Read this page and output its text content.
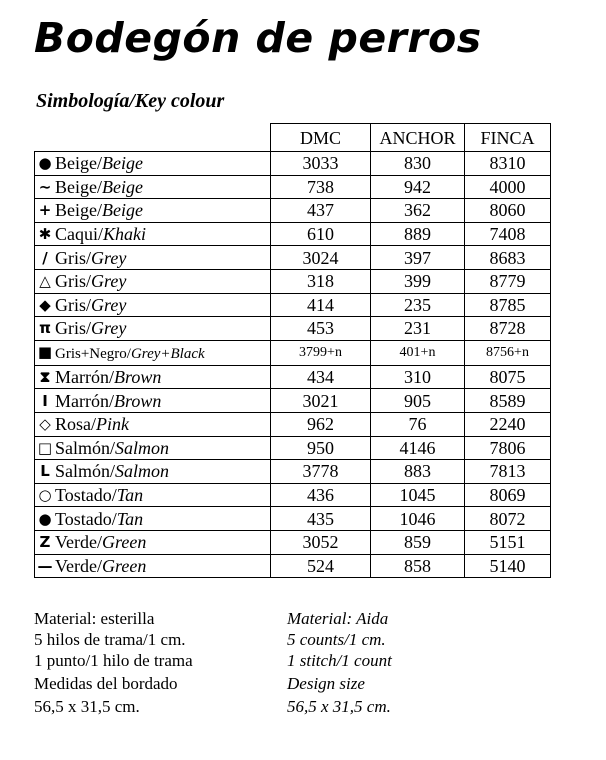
Bodegón de perros
Simbología/Key colour
	DMC	ANCHOR	FINCA
● Beige/Beige	3033	830	8310
∼ Beige/Beige	738	942	4000
+ Beige/Beige	437	362	8060
✱ Caqui/Khaki	610	889	7408
/ Gris/Grey	3024	397	8683
△ Gris/Grey	318	399	8779
◆ Gris/Grey	414	235	8785
π Gris/Grey	453	231	8728
■ Gris+Negro/Grey+Black	3799+n	401+n	8756+n
⧗ Marrón/Brown	434	310	8075
I Marrón/Brown	3021	905	8589
◇ Rosa/Pink	962	76	2240
□ Salmón/Salmon	950	4146	7806
L Salmón/Salmon	3778	883	7813
○ Tostado/Tan	436	1045	8069
● Tostado/Tan	435	1046	8072
Z Verde/Green	3052	859	5151
— Verde/Green	524	858	5140
Material: esterilla
5 hilos de trama/1 cm.
1 punto/1 hilo de trama
Medidas del bordado
56,5 x 31,5 cm.
Material: Aida
5 counts/1 cm.
1 stitch/1 count
Design size
56,5 x 31,5 cm.
